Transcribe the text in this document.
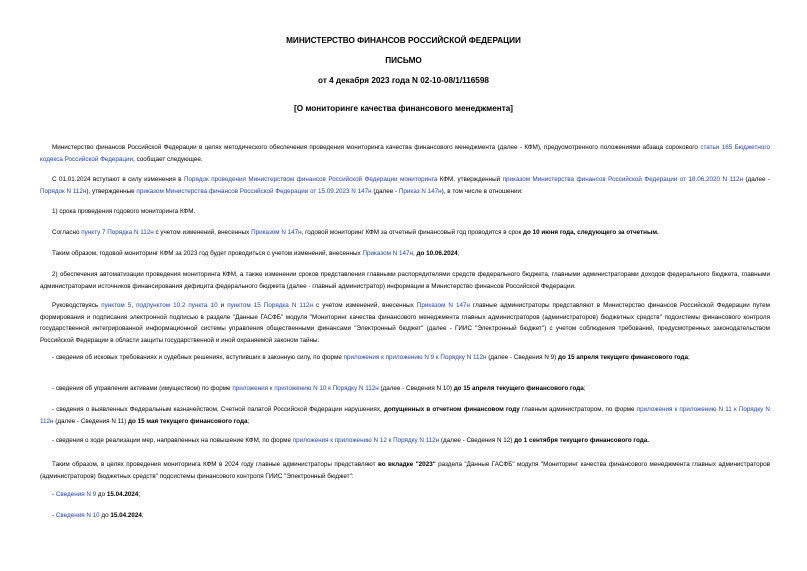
МИНИСТЕРСТВО ФИНАНСОВ РОССИЙСКОЙ ФЕДЕРАЦИИ
ПИСЬМО
от 4 декабря 2023 года N 02-10-08/1/116598
[О мониторинге качества финансового менеджмента]

Министерство финансов Российской Федерации в целях методического обеспечения проведения мониторинга качества финансового менеджмента (далее - КФМ), предусмотренного положениями абзаца сорокового статьи 165 Бюджетного кодекса Российской Федерации, сообщает следующее.

С 01.01.2024 вступают в силу изменения в Порядок проведения Министерством финансов Российской Федерации мониторинга КФМ, утвержденный приказом Министерства финансов Российской Федерации от 18.06.2020 N 112н (далее - Порядок N 112н), утвержденные приказом Министерства финансов Российской Федерации от 15.09.2023 N 147н (далее - Приказ N 147н), в том числе в отношении:

1) срока проведения годового мониторинга КФМ.

Согласно пункту 7 Порядка N 112н с учетом изменений, внесенных Приказом N 147н, годовой мониторинг КФМ за отчетный финансовый год проводится в срок до 10 июня года, следующего за отчетным.

Таким образом, годовой мониторинг КФМ за 2023 год будет проводиться с учетом изменений, внесенных Приказом N 147н, до 10.06.2024;

2) обеспечения автоматизации проведения мониторинга КФМ, а также изменении сроков представления главными распорядителями средств федерального бюджета, главными администраторами доходов федерального бюджета, главными администраторами источников финансирования дефицита федерального бюджета (далее - главный администратор) информации в Министерство финансов Российской Федерации.

Руководствуясь пунктом 5, подпунктом 10.2 пункта 10 и пунктом 15 Порядка N 112н с учетом изменений, внесенных Приказом N 147н главные администраторы представляют в Министерство финансов Российской Федерации путем формирования и подписания электронной подписью в разделе "Данные ГАСФБ" модуля "Мониторинг качества финансового менеджмента главных администраторов (администраторов) бюджетных средств" подсистемы финансового контроля государственной интегрированной информационной системы управления общественными финансами "Электронный бюджет" (далее - ГИИС "Электронный бюджет") с учетом соблюдения требований, предусмотренных законодательством Российской Федерации в области защиты государственной и иной охраняемой законом тайны:

- сведения об исковых требованиях и судебных решениях, вступивших в законную силу, по форме приложения к приложению N 9 к Порядку N 112н (далее - Сведения N 9) до 15 апреля текущего финансового года;

- сведения об управлении активами (имуществом) по форме приложения к приложению N 10 к Порядку N 112н (далее - Сведения N 10) до 15 апреля текущего финансового года;

- сведения о выявленных Федеральным казначейством, Счетной палатой Российской Федерации нарушениях, допущенных в отчетном финансовом году главным администратором, по форме приложения к приложению N 11 к Порядку N 112н (далее - Сведения N 11) до 15 мая текущего финансового года;

- сведения о ходе реализации мер, направленных на повышение КФМ, по форме приложения к приложению N 12 к Порядку N 112н (далее - Сведения N 12) до 1 сентября текущего финансового года.

Таким образом, в целях проведения мониторинга КФМ в 2024 году главные администраторы представляют во вкладке "2023" раздела "Данные ГАСФБ" модуля "Мониторинг качества финансового менеджмента главных администраторов (администраторов) бюджетных средств" подсистемы финансового контроля ГИИС "Электронный бюджет":

- Сведения N 9 до 15.04.2024;

- Сведения N 10 до 15.04.2024;
